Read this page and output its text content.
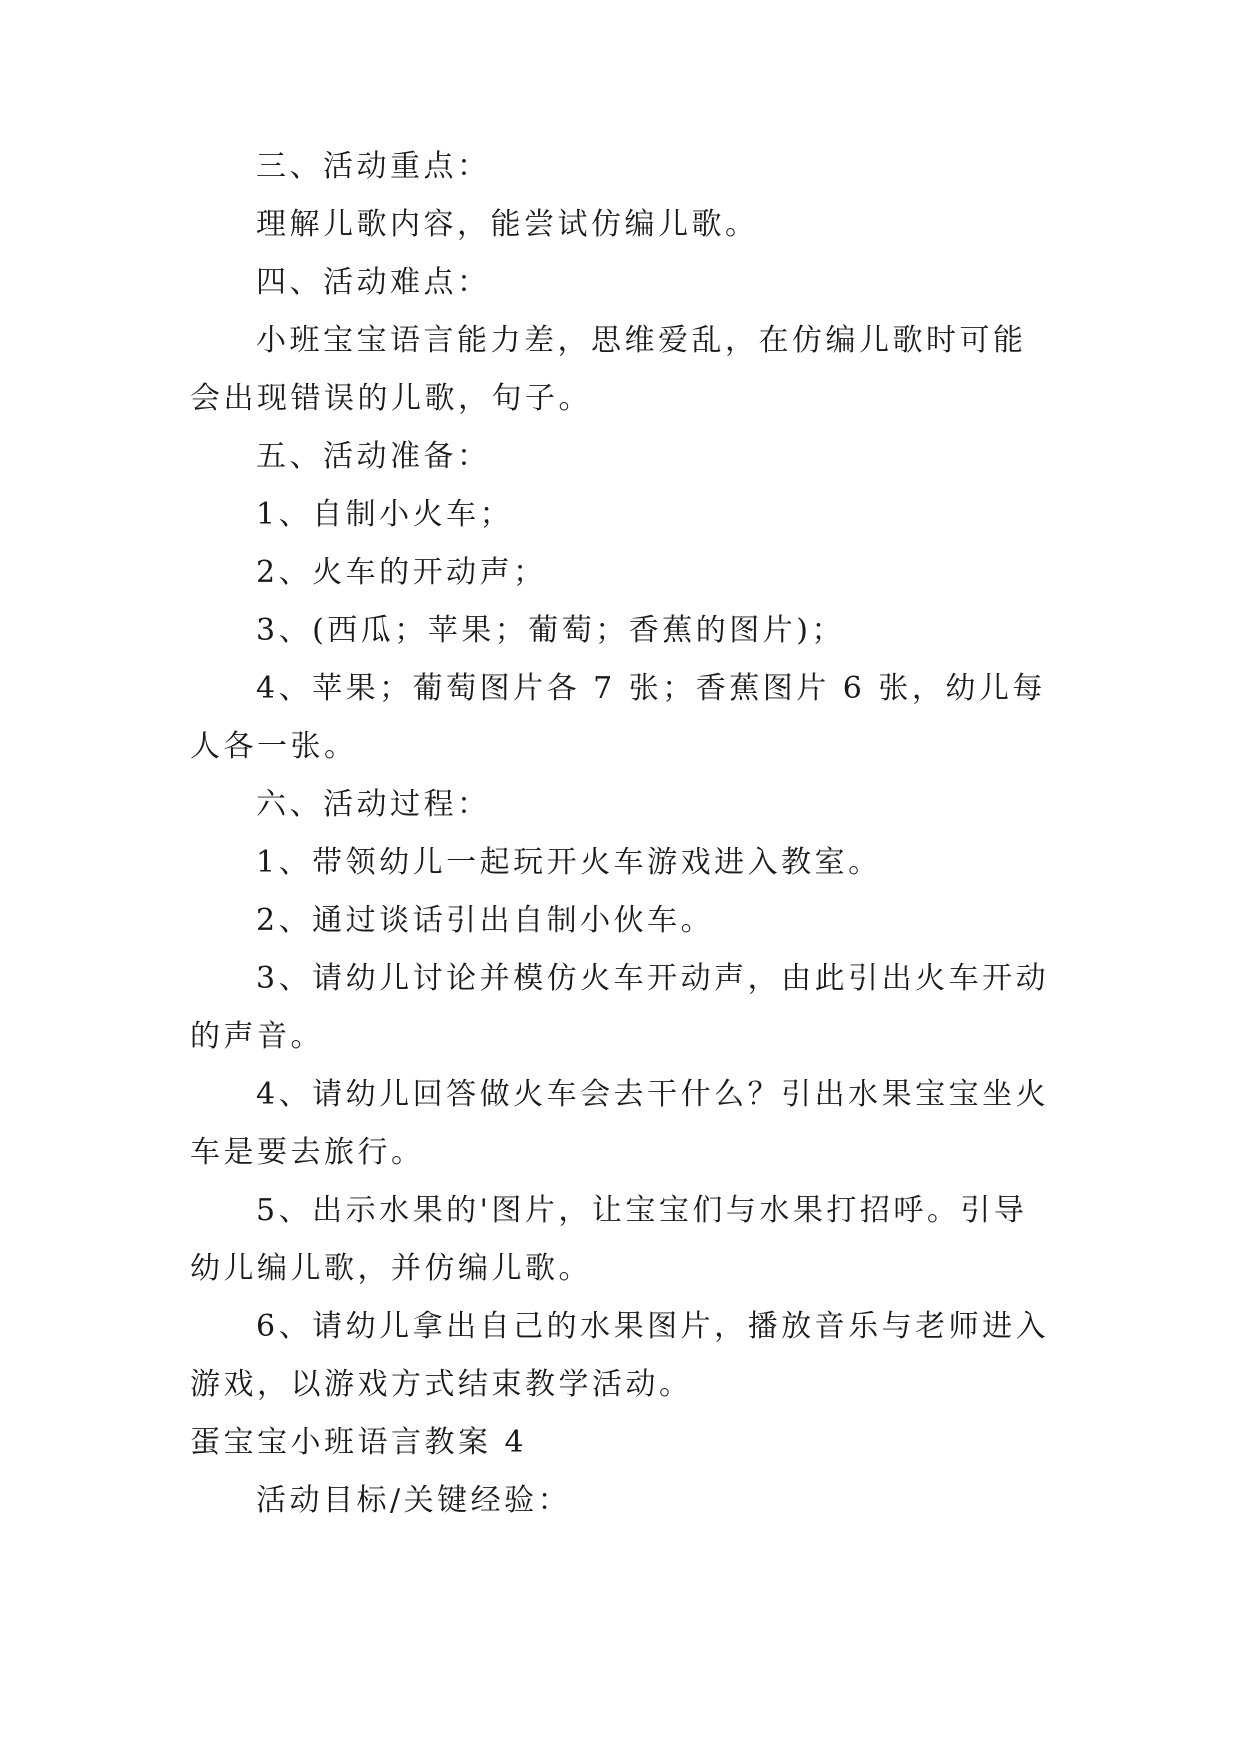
三、活动重点：

理解儿歌内容，能尝试仿编儿歌。

四、活动难点：

小班宝宝语言能力差，思维爱乱，在仿编儿歌时可能会出现错误的儿歌，句子。

五、活动准备：

1、自制小火车；

2、火车的开动声；

3、(西瓜；苹果；葡萄；香蕉的图片)；

4、苹果；葡萄图片各 7 张；香蕉图片 6 张，幼儿每人各一张。

六、活动过程：

1、带领幼儿一起玩开火车游戏进入教室。

2、通过谈话引出自制小伙车。

3、请幼儿讨论并模仿火车开动声，由此引出火车开动的声音。

4、请幼儿回答做火车会去干什么？引出水果宝宝坐火车是要去旅行。

5、出示水果的'图片，让宝宝们与水果打招呼。引导幼儿编儿歌，并仿编儿歌。

6、请幼儿拿出自己的水果图片，播放音乐与老师进入游戏，以游戏方式结束教学活动。

蛋宝宝小班语言教案 4

活动目标/关键经验：
